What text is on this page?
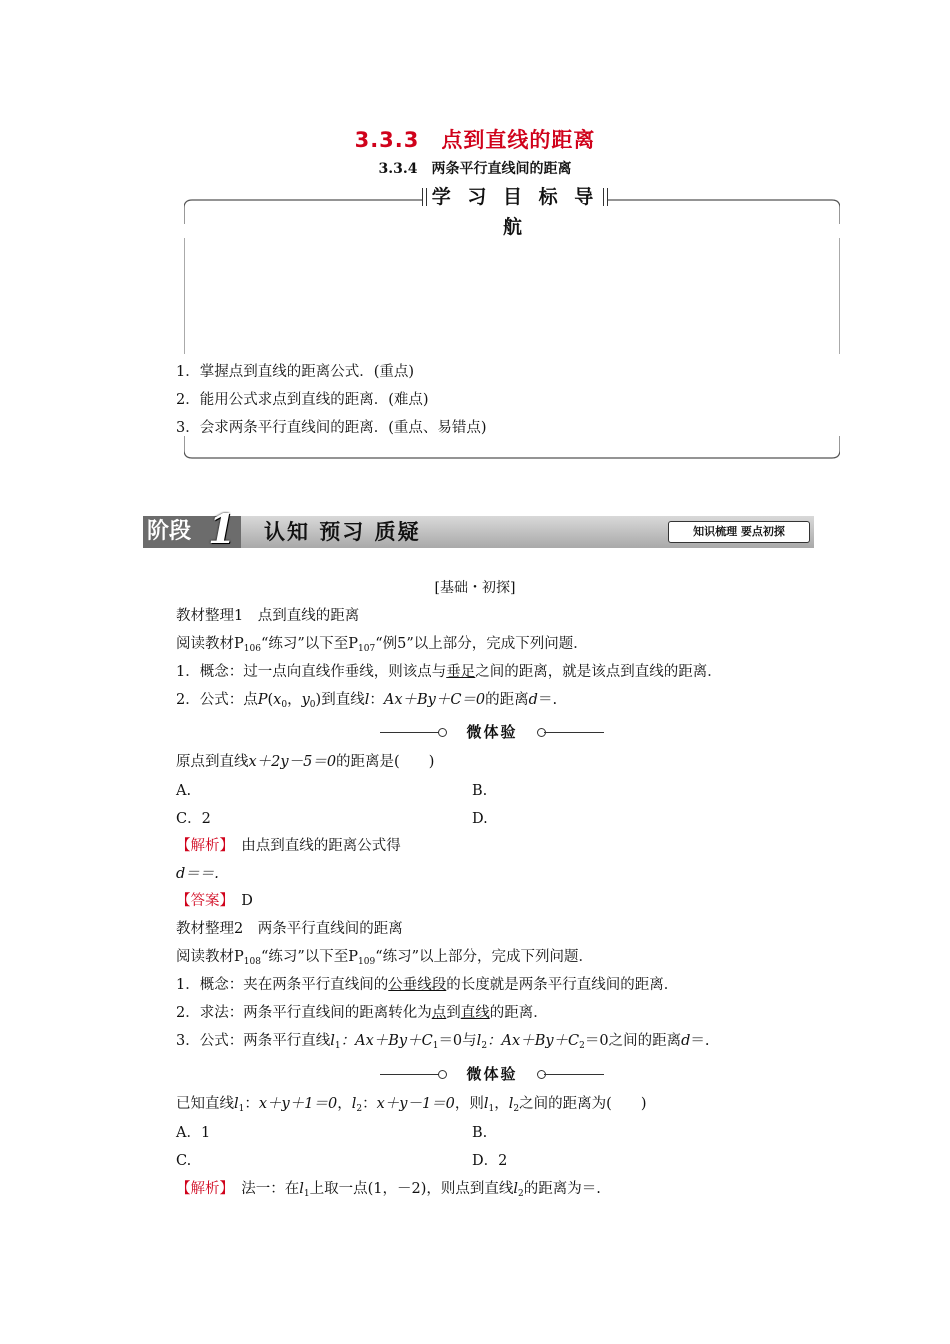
3.3.3　点到直线的距离
3.3.4　两条平行直线间的距离
学 习 目 标 导 航
1．掌握点到直线的距离公式．(重点)
2．能用公式求点到直线的距离．(难点)
3．会求两条平行直线间的距离．(重点、易错点)
阶段 1 认知 预习 质疑	知识梳理 要点初探
[基础・初探]
教材整理1　点到直线的距离
阅读教材$P_{106}“$练习”以下至$P_{107}“$例5”以上部分，完成下列问题．
1．概念：过一点向直线作垂线，则该点与垂足之间的距离，就是该点到直线的距离．
2．公式：点$P(x_0$，$y_0$)到直线l：Ax＋By＋C＝0的距离d＝.
微体验
原点到直线x＋2y－5＝0的距离是(　　)
A.	B.
C．2	D.
【解析】　 由点到直线的距离公式得
d＝＝.
【答案】　 D
教材整理2　两条平行直线间的距离
阅读教材$P_{108}“$练习”以下至$P_{109}“$练习”以上部分，完成下列问题．
1．概念：夹在两条平行直线间的公垂线段的长度就是两条平行直线间的距离．
2．求法：两条平行直线间的距离转化为点到直线的距离．
3．公式：两条平行直线$l_1$：$Ax+By+C_1=0$与$l_2$：$Ax+By+C_2=0$之间的距离d＝.
微体验
已知直线$l_1$：x＋y＋1＝0，$l_2$：x＋y－1＝0，则$l_1$，$l_2$之间的距离为(　　)
A．1	B.
C.	D．2
【解析】　 法一：在$l_1$上取一点(1，－2)，则点到直线$l_2$的距离为＝.
